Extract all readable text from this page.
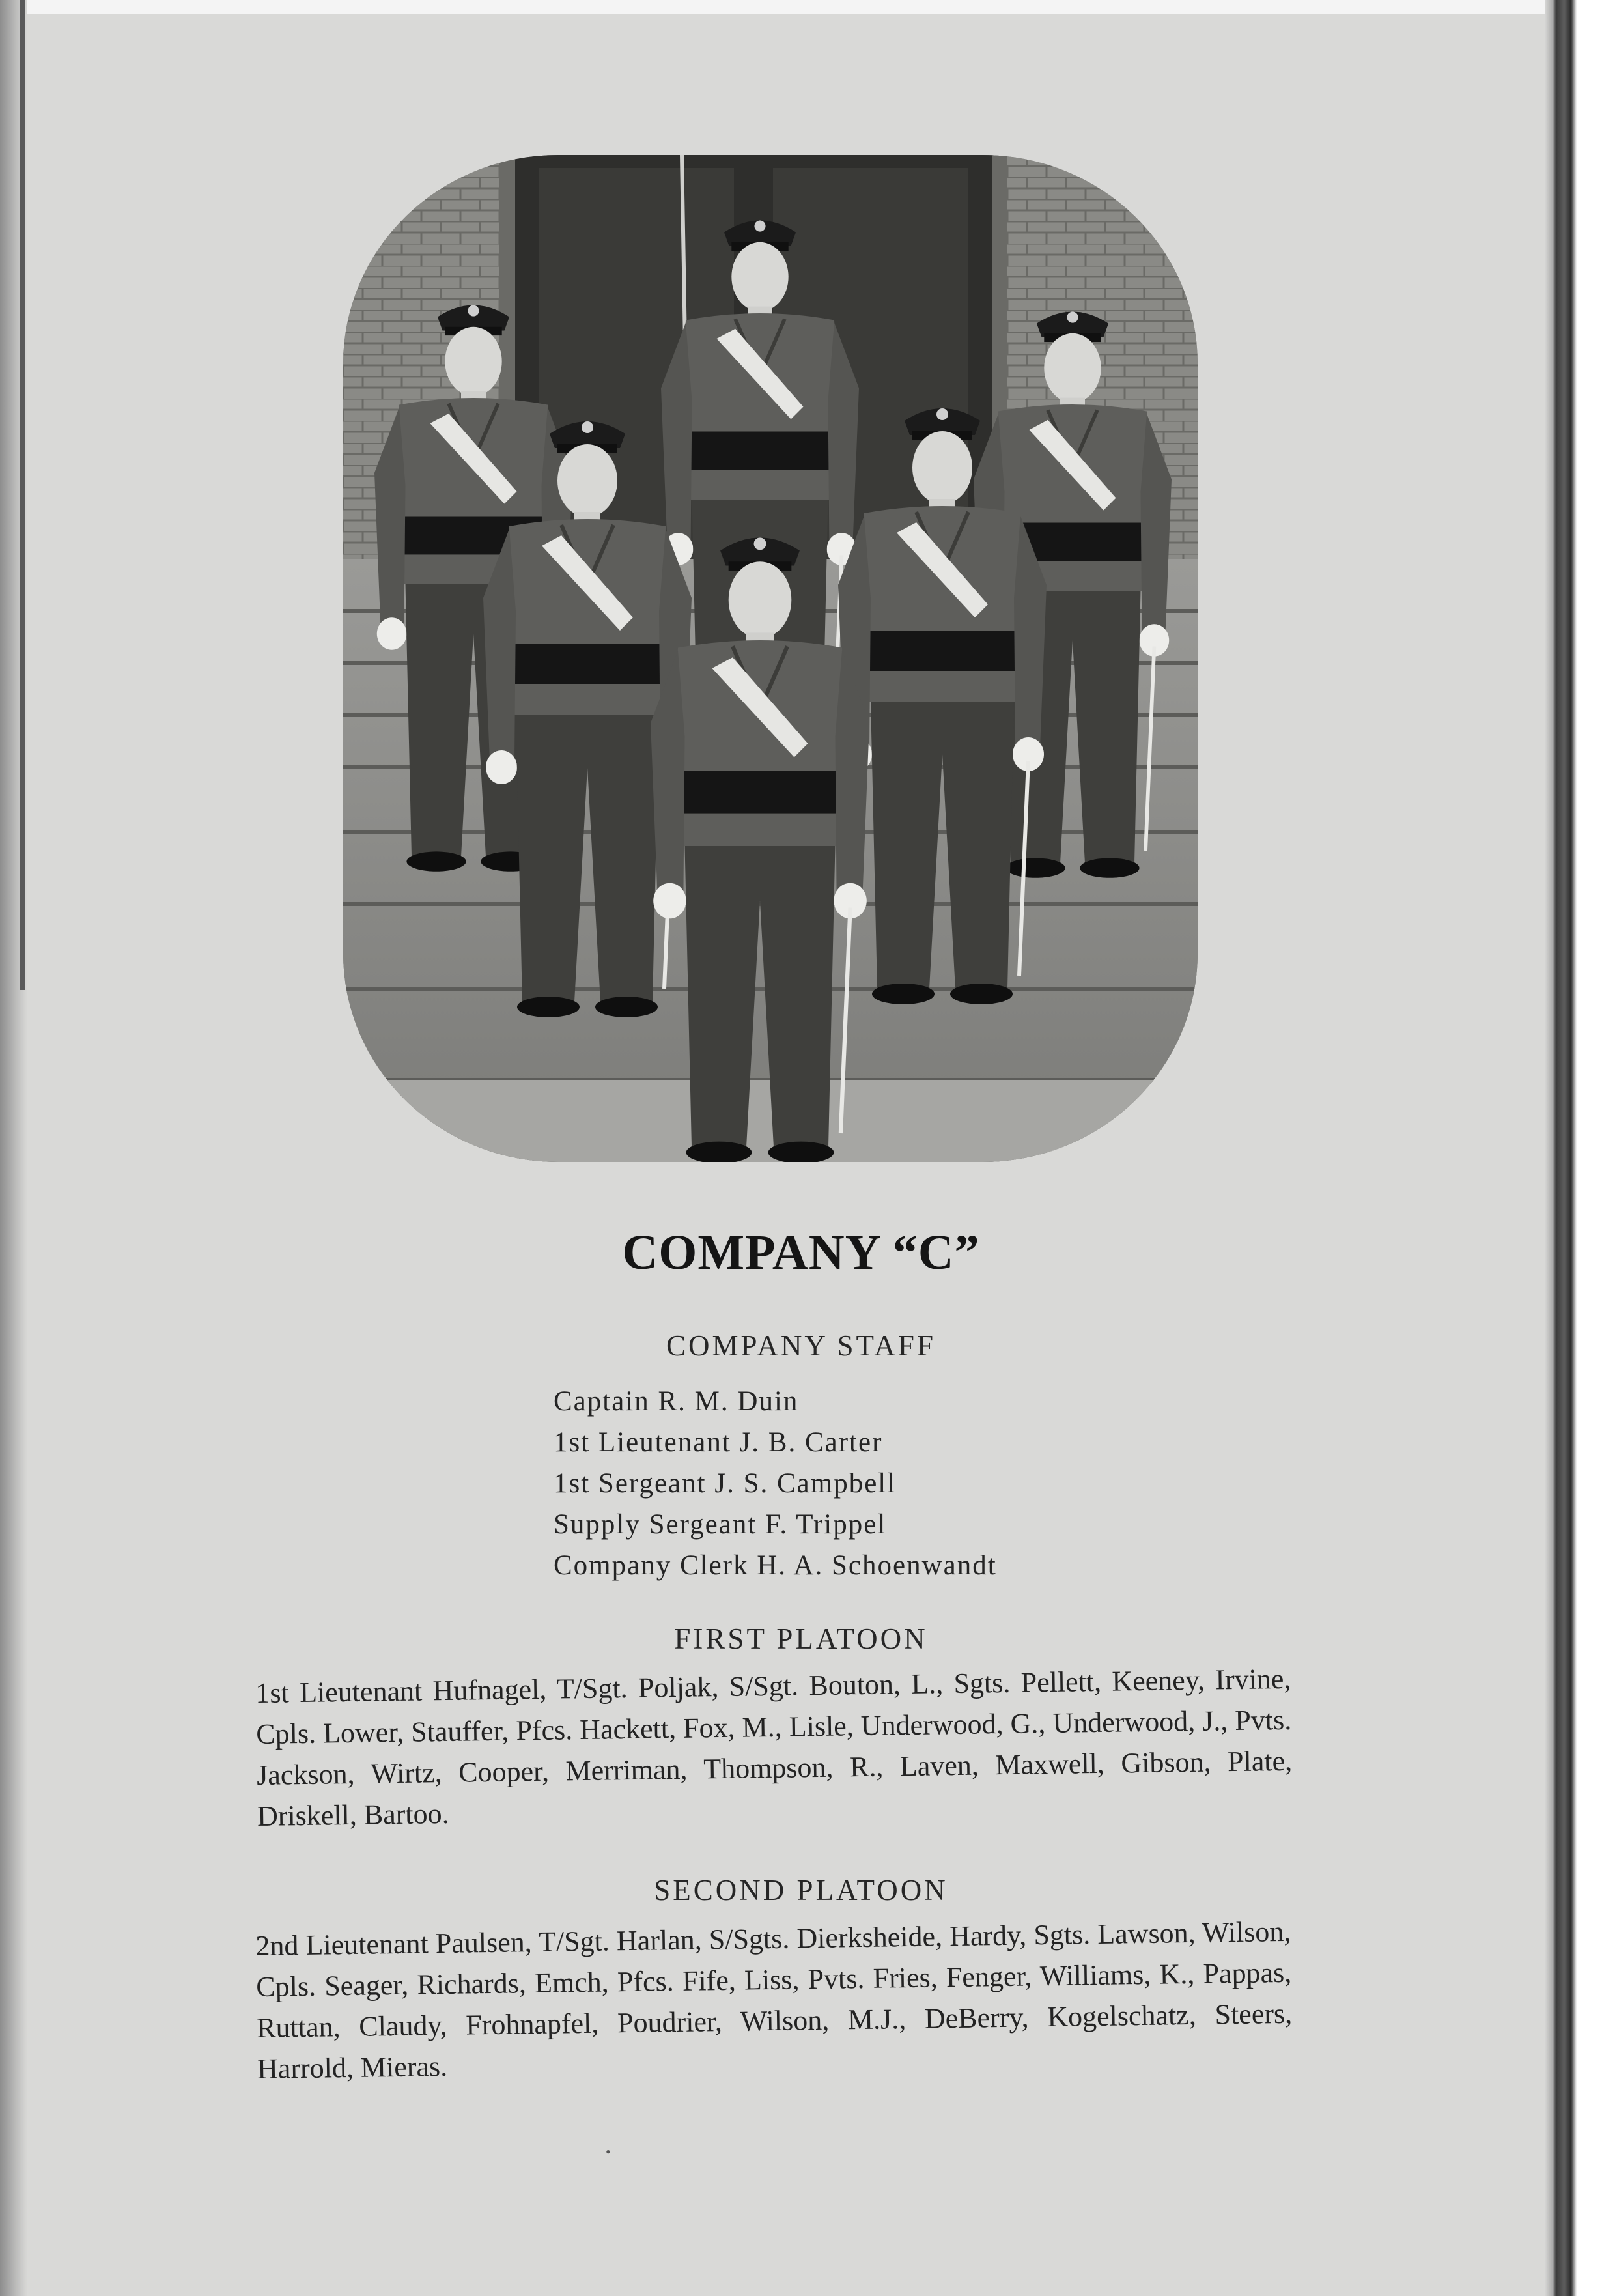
COMPANY “C”
COMPANY STAFF
Captain R. M. Duin
1st Lieutenant J. B. Carter
1st Sergeant J. S. Campbell
Supply Sergeant F. Trippel
Company Clerk H. A. Schoenwandt
FIRST PLATOON

1st Lieutenant Hufnagel, T/Sgt. Poljak, S/Sgt. Bouton, L., Sgts. Pellett, Keeney, Irvine, Cpls. Lower, Stauffer, Pfcs. Hackett, Fox, M., Lisle, Underwood, G., Underwood, J., Pvts. Jackson, Wirtz, Cooper, Merriman, Thompson, R., Laven, Maxwell, Gibson, Plate, Driskell, Bartoo.

SECOND PLATOON

2nd Lieutenant Paulsen, T/Sgt. Harlan, S/Sgts. Dierksheide, Hardy, Sgts. Lawson, Wilson, Cpls. Seager, Richards, Emch, Pfcs. Fife, Liss, Pvts. Fries, Fenger, Williams, K., Pappas, Ruttan, Claudy, Frohnapfel, Poudrier, Wilson, M.J., DeBerry, Kogelschatz, Steers, Harrold, Mieras.

•
